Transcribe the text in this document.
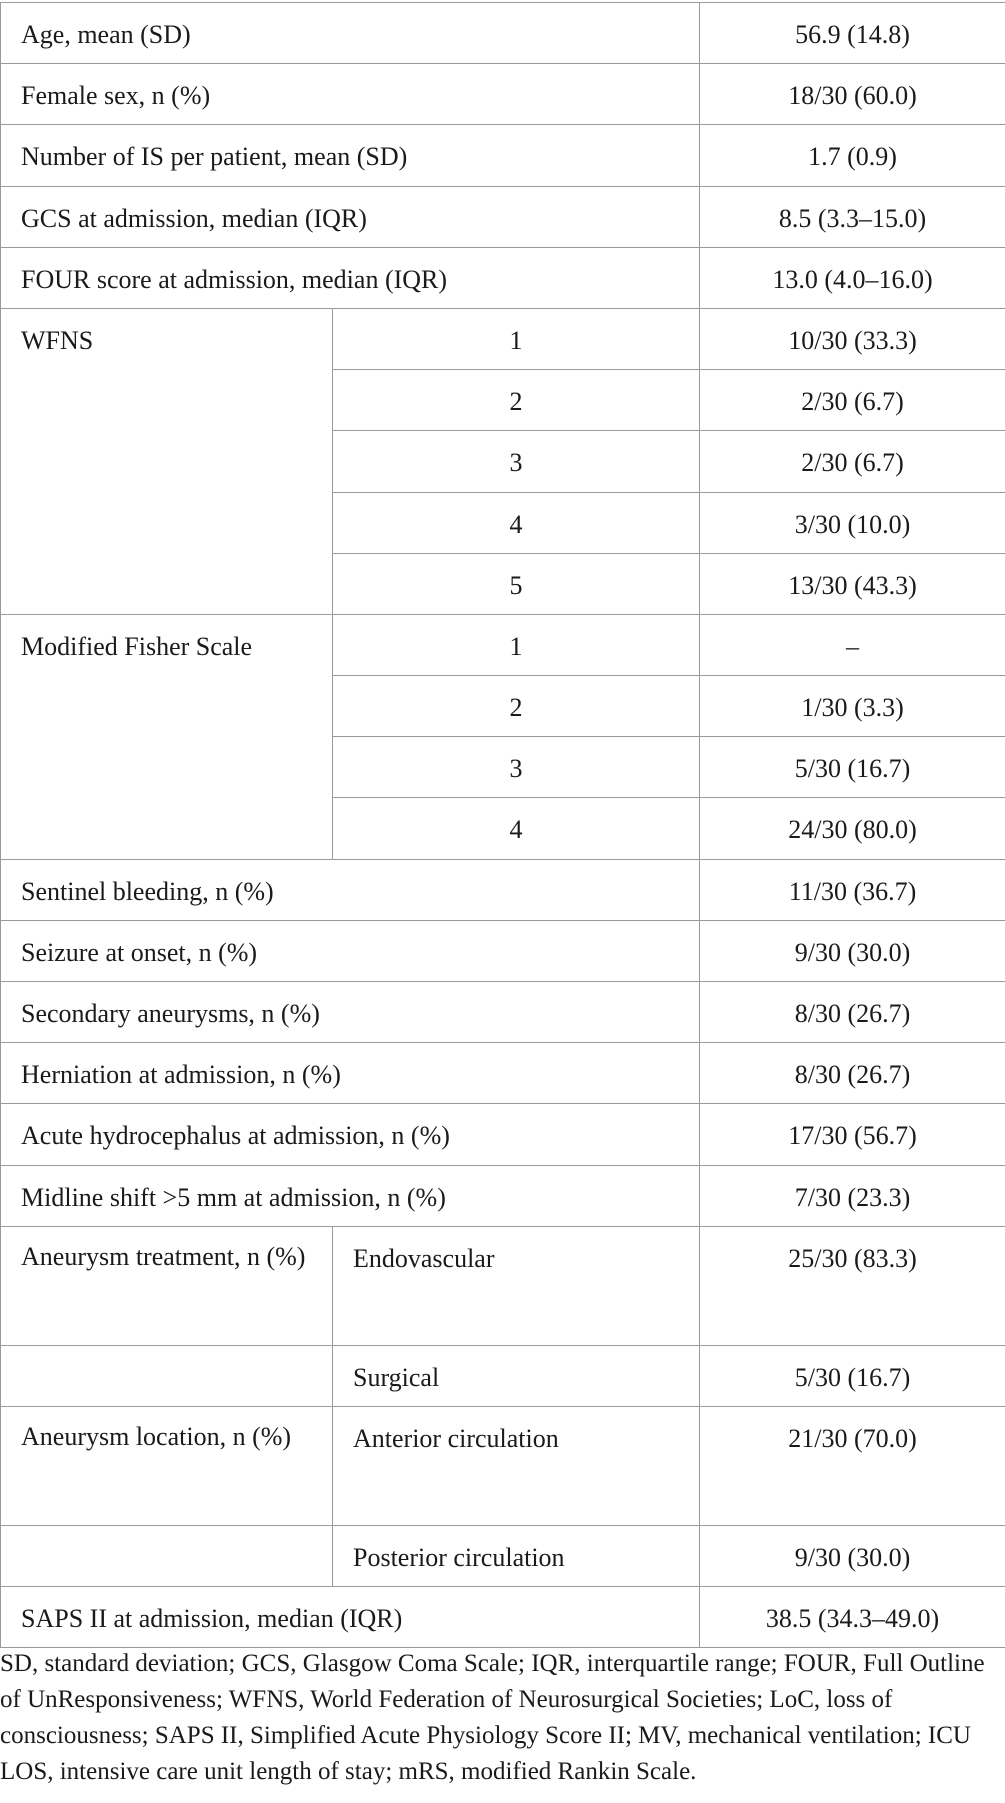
Age, mean (SD)		56.9 (14.8)
Female sex, n (%)		18/30 (60.0)
Number of IS per patient, mean (SD)		1.7 (0.9)
GCS at admission, median (IQR)		8.5 (3.3–15.0)
FOUR score at admission, median (IQR)		13.0 (4.0–16.0)
WFNS	1	10/30 (33.3)
	2	2/30 (6.7)
	3	2/30 (6.7)
	4	3/30 (10.0)
	5	13/30 (43.3)
Modified Fisher Scale	1	–
	2	1/30 (3.3)
	3	5/30 (16.7)
	4	24/30 (80.0)
Sentinel bleeding, n (%)		11/30 (36.7)
Seizure at onset, n (%)		9/30 (30.0)
Secondary aneurysms, n (%)		8/30 (26.7)
Herniation at admission, n (%)		8/30 (26.7)
Acute hydrocephalus at admission, n (%)		17/30 (56.7)
Midline shift >5 mm at admission, n (%)		7/30 (23.3)
Aneurysm treatment, n (%)	Endovascular	25/30 (83.3)
	Surgical	5/30 (16.7)
Aneurysm location, n (%)	Anterior circulation	21/30 (70.0)
	Posterior circulation	9/30 (30.0)
SAPS II at admission, median (IQR)		38.5 (34.3–49.0)
SD, standard deviation; GCS, Glasgow Coma Scale; IQR, interquartile range; FOUR, Full Outline of UnResponsiveness; WFNS, World Federation of Neurosurgical Societies; LoC, loss of consciousness; SAPS II, Simplified Acute Physiology Score II; MV, mechanical ventilation; ICU LOS, intensive care unit length of stay; mRS, modified Rankin Scale.
